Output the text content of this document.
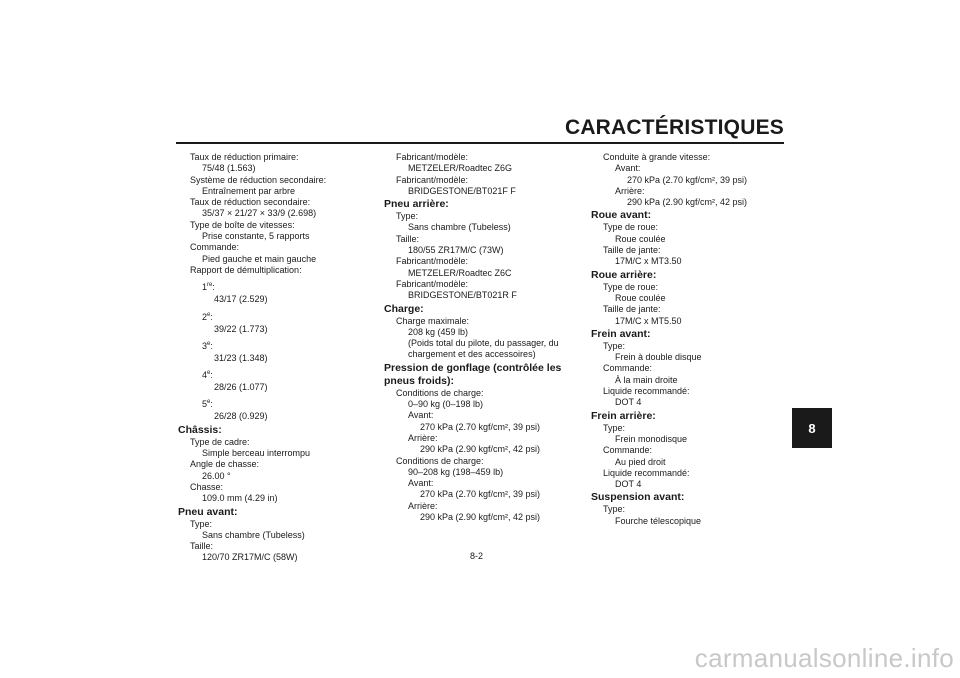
CARACTÉRISTIQUES
8
Taux de réduction primaire:
75/48 (1.563)
Système de réduction secondaire:
Entraînement par arbre
Taux de réduction secondaire:
35/37 × 21/27 × 33/9 (2.698)
Type de boîte de vitesses:
Prise constante, 5 rapports
Commande:
Pied gauche et main gauche
Rapport de démultiplication:
1re:
43/17 (2.529)
2e:
39/22 (1.773)
3e:
31/23 (1.348)
4e:
28/26 (1.077)
5e:
26/28 (0.929)
Châssis:
Type de cadre:
Simple berceau interrompu
Angle de chasse:
26.00 °
Chasse:
109.0 mm (4.29 in)
Pneu avant:
Type:
Sans chambre (Tubeless)
Taille:
120/70 ZR17M/C (58W)
Fabricant/modèle:
METZELER/Roadtec Z6G
Fabricant/modèle:
BRIDGESTONE/BT021F F
Pneu arrière:
Type:
Sans chambre (Tubeless)
Taille:
180/55 ZR17M/C (73W)
Fabricant/modèle:
METZELER/Roadtec Z6C
Fabricant/modèle:
BRIDGESTONE/BT021R F
Charge:
Charge maximale:
208 kg (459 lb)
(Poids total du pilote, du passager, du chargement et des accessoires)
Pression de gonflage (contrôlée les pneus froids):
Conditions de charge:
0–90 kg (0–198 lb)
Avant:
270 kPa (2.70 kgf/cm², 39 psi)
Arrière:
290 kPa (2.90 kgf/cm², 42 psi)
Conditions de charge:
90–208 kg (198–459 lb)
Avant:
270 kPa (2.70 kgf/cm², 39 psi)
Arrière:
290 kPa (2.90 kgf/cm², 42 psi)
Conduite à grande vitesse:
Avant:
270 kPa (2.70 kgf/cm², 39 psi)
Arrière:
290 kPa (2.90 kgf/cm², 42 psi)
Roue avant:
Type de roue:
Roue coulée
Taille de jante:
17M/C x MT3.50
Roue arrière:
Type de roue:
Roue coulée
Taille de jante:
17M/C x MT5.50
Frein avant:
Type:
Frein à double disque
Commande:
À la main droite
Liquide recommandé:
DOT 4
Frein arrière:
Type:
Frein monodisque
Commande:
Au pied droit
Liquide recommandé:
DOT 4
Suspension avant:
Type:
Fourche télescopique
8-2
carmanualsonline.info
